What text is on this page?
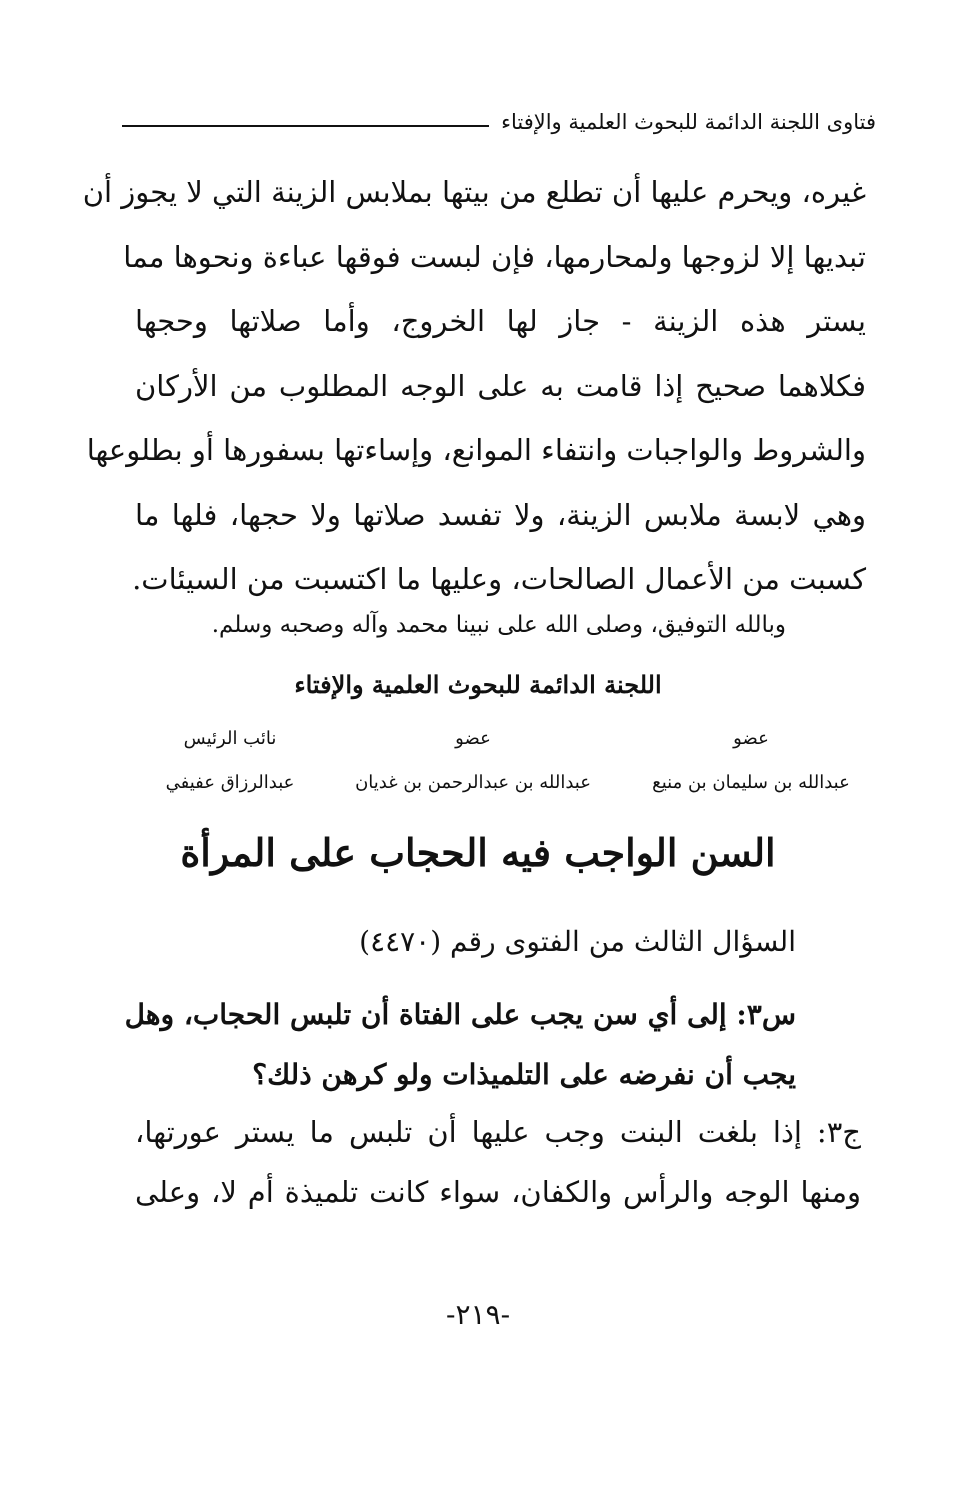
فتاوى اللجنة الدائمة للبحوث العلمية والإفتاء

غيره، ويحرم عليها أن تطلع من بيتها بملابس الزينة التي لا يجوز أن

تبديها إلا لزوجها ولمحارمها، فإن لبست فوقها عباءة ونحوها مما

يستر هذه الزينة - جاز لها الخروج، وأما صلاتها وحجها

فكلاهما صحيح إذا قامت به على الوجه المطلوب من الأركان

والشروط والواجبات وانتفاء الموانع، وإساءتها بسفورها أو بطلوعها

وهي لابسة ملابس الزينة، ولا تفسد صلاتها ولا حجها، فلها ما

كسبت من الأعمال الصالحات، وعليها ما اكتسبت من السيئات.

وبالله التوفيق، وصلى الله على نبينا محمد وآله وصحبه وسلم.
اللجنة الدائمة للبحوث العلمية والإفتاء
عضو
عضو
نائب الرئيس
عبدالله بن سليمان بن منيع
عبدالله بن عبدالرحمن بن غديان
عبدالرزاق عفيفي
السن الواجب فيه الحجاب على المرأة
السؤال الثالث من الفتوى رقم (٤٤٧٠)

س٣: إلى أي سن يجب على الفتاة أن تلبس الحجاب، وهل

يجب أن نفرضه على التلميذات ولو كرهن ذلك؟

ج٣: إذا بلغت البنت وجب عليها أن تلبس ما يستر عورتها،

ومنها الوجه والرأس والكفان، سواء كانت تلميذة أم لا، وعلى

-٢١٩-
